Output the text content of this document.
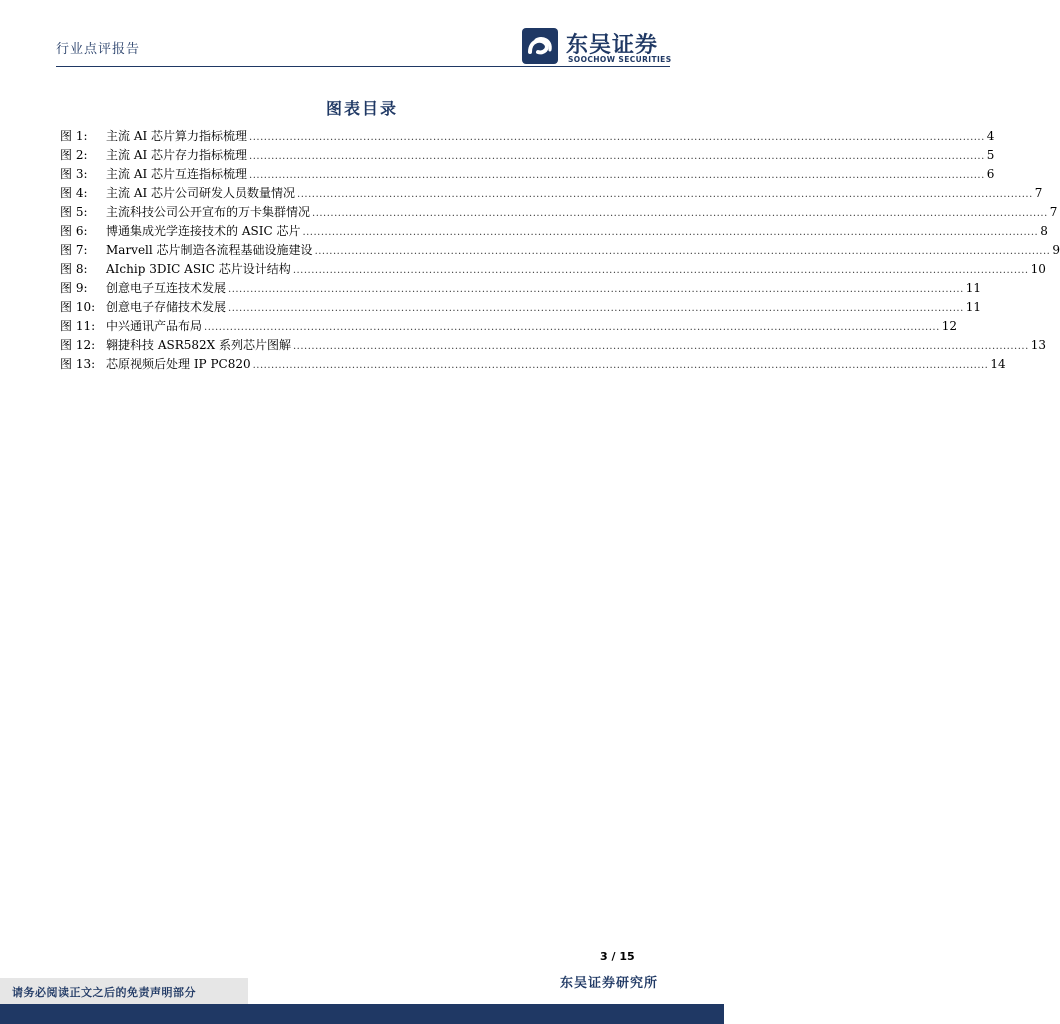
行业点评报告	东吴证券
SOOCHOW SECURITIES
图表目录
图 1:	主流 AI 芯片算力指标梳理 ........................................................................................................................................................................................................ 4
图 2:	主流 AI 芯片存力指标梳理 ........................................................................................................................................................................................................ 5
图 3:	主流 AI 芯片互连指标梳理 ........................................................................................................................................................................................................ 6
图 4:	主流 AI 芯片公司研发人员数量情况 ........................................................................................................................................................................................................ 7
图 5:	主流科技公司公开宣布的万卡集群情况 ........................................................................................................................................................................................................ 7
图 6:	博通集成光学连接技术的 ASIC 芯片 ........................................................................................................................................................................................................ 8
图 7:	Marvell 芯片制造各流程基础设施建设 ........................................................................................................................................................................................................ 9
图 8:	AIchip 3DIC ASIC 芯片设计结构 ........................................................................................................................................................................................................ 10
图 9:	创意电子互连技术发展 ........................................................................................................................................................................................................ 11
图 10: 创意电子存储技术发展 ........................................................................................................................................................................................................ 11
图 11: 中兴通讯产品布局 ........................................................................................................................................................................................................ 12
图 12: 翱捷科技 ASR582X 系列芯片图解 ........................................................................................................................................................................................................ 13
图 13: 芯原视频后处理 IP PC820 ........................................................................................................................................................................................................ 14
3 / 15
东吴证券研究所
请务必阅读正文之后的免责声明部分
